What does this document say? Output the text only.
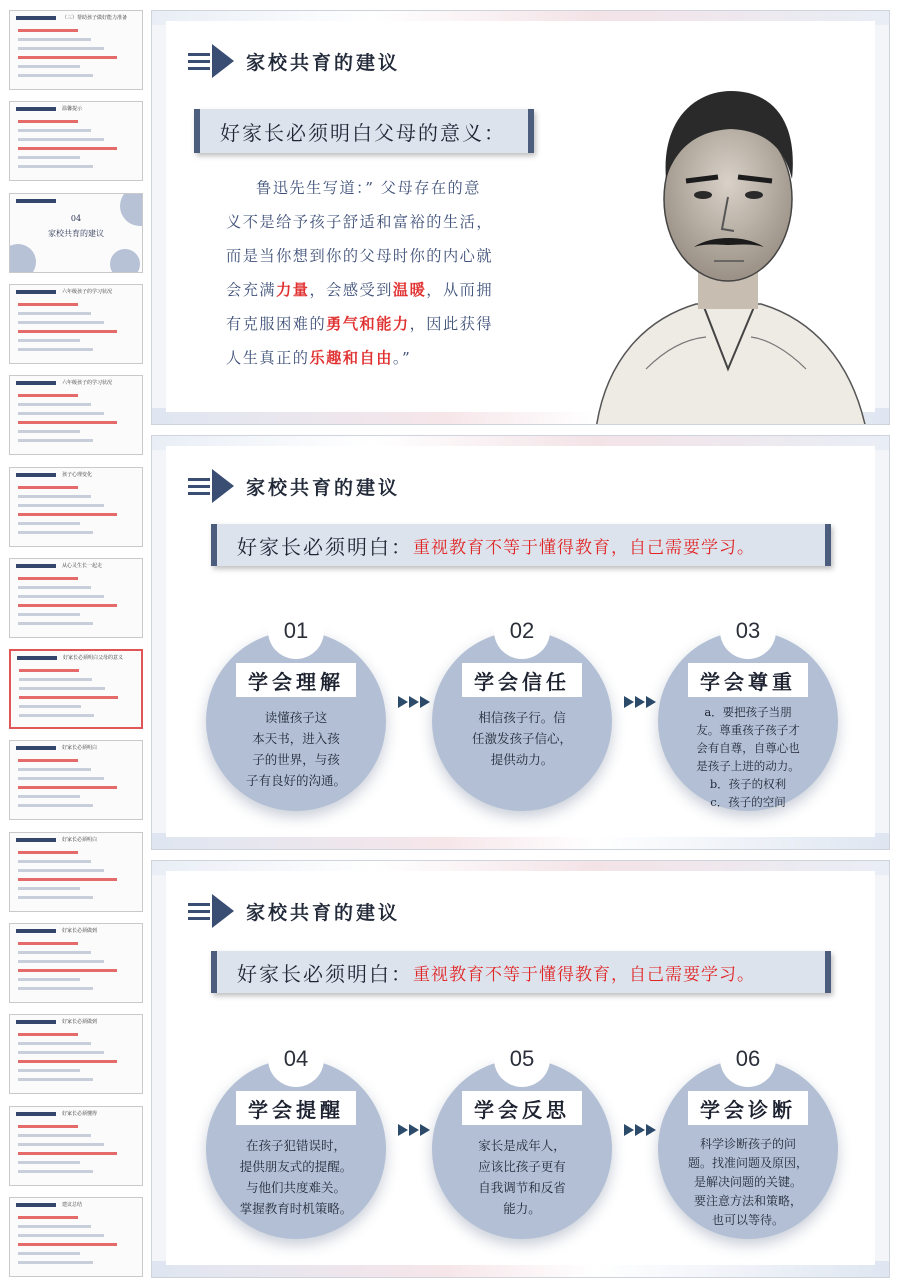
（三）帮助孩子做好能力准备
温馨提示
04
家校共育的建议
六年级孩子的学习状况
六年级孩子的学习状况
孩子心理变化
从心灵生长一起走
好家长必须明白父母的意义
好家长必须明白
好家长必须明白
好家长必须做到
好家长必须做到
好家长必须懂得
建议总结
家校共育的建议
好家长必须明白父母的意义：
鲁迅先生写道：” 父母存在的意
义不是给予孩子舒适和富裕的生活，
而是当你想到你的父母时你的内心就
会充满力量，会感受到温暖，从而拥
有克服困难的勇气和能力，因此获得
人生真正的乐趣和自由。”
家校共育的建议
好家长必须明白： 重视教育不等于懂得教育，自己需要学习。
01
学会理解
读懂孩子这
本天书，进入孩
子的世界，与孩
子有良好的沟通。
02
学会信任
相信孩子行。信
任激发孩子信心，
提供动力。
03
学会尊重
a．要把孩子当朋
友。尊重孩子孩子才
会有自尊，自尊心也
是孩子上进的动力。
b．孩子的权利
c．孩子的空间
家校共育的建议
好家长必须明白： 重视教育不等于懂得教育，自己需要学习。
04
学会提醒
在孩子犯错误时，
提供朋友式的提醒。
与他们共度难关。
掌握教育时机策略。
05
学会反思
家长是成年人，
应该比孩子更有
自我调节和反省
能力。
06
学会诊断
科学诊断孩子的问
题。找准问题及原因，
是解决问题的关键。
要注意方法和策略，
也可以等待。
